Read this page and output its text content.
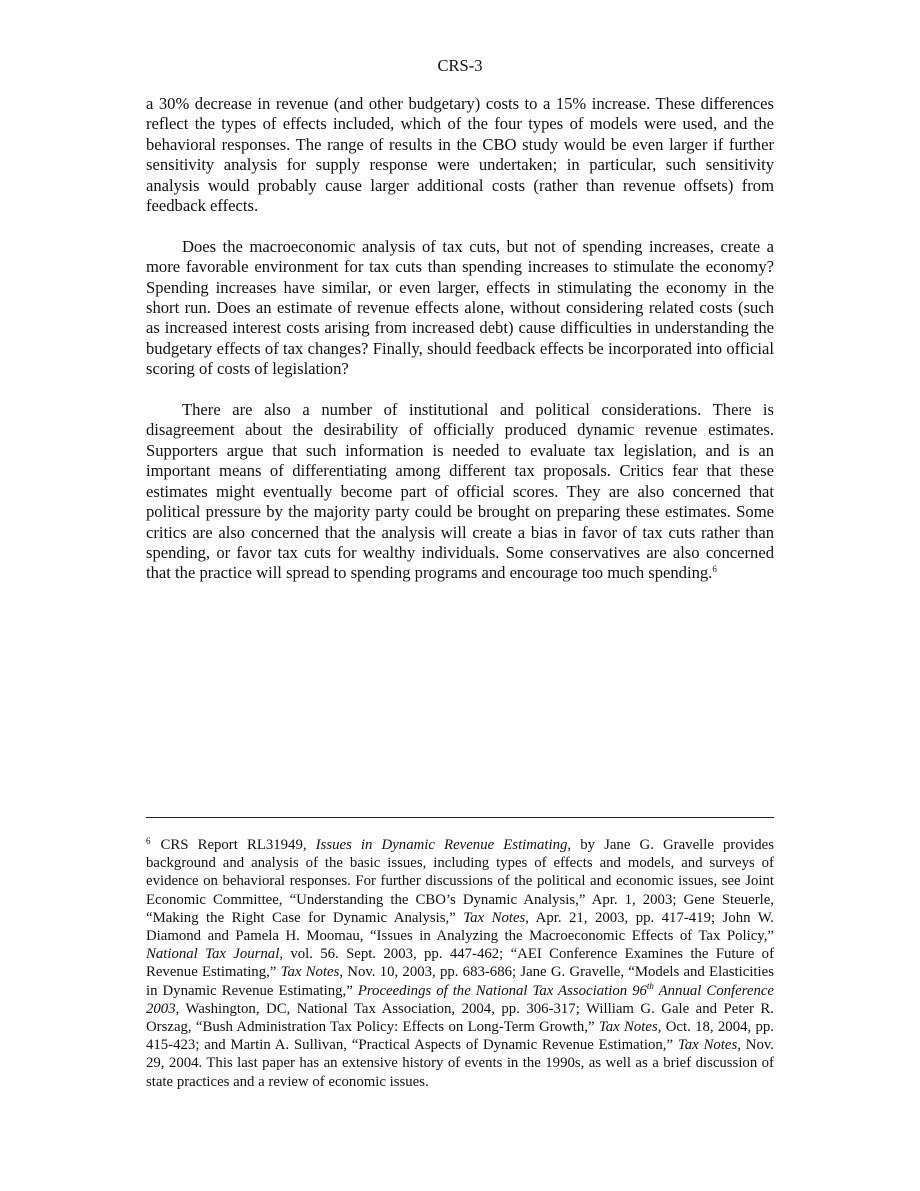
CRS-3

a 30% decrease in revenue (and other budgetary) costs to a 15% increase. These differences reflect the types of effects included, which of the four types of models were used, and the behavioral responses. The range of results in the CBO study would be even larger if further sensitivity analysis for supply response were undertaken; in particular, such sensitivity analysis would probably cause larger additional costs (rather than revenue offsets) from feedback effects.

Does the macroeconomic analysis of tax cuts, but not of spending increases, create a more favorable environment for tax cuts than spending increases to stimulate the economy? Spending increases have similar, or even larger, effects in stimulating the economy in the short run. Does an estimate of revenue effects alone, without considering related costs (such as increased interest costs arising from increased debt) cause difficulties in understanding the budgetary effects of tax changes? Finally, should feedback effects be incorporated into official scoring of costs of legislation?

There are also a number of institutional and political considerations. There is disagreement about the desirability of officially produced dynamic revenue estimates. Supporters argue that such information is needed to evaluate tax legislation, and is an important means of differentiating among different tax proposals. Critics fear that these estimates might eventually become part of official scores. They are also concerned that political pressure by the majority party could be brought on preparing these estimates. Some critics are also concerned that the analysis will create a bias in favor of tax cuts rather than spending, or favor tax cuts for wealthy individuals. Some conservatives are also concerned that the practice will spread to spending programs and encourage too much spending.$^6$

$^6$ CRS Report RL31949, Issues in Dynamic Revenue Estimating, by Jane G. Gravelle provides background and analysis of the basic issues, including types of effects and models, and surveys of evidence on behavioral responses. For further discussions of the political and economic issues, see Joint Economic Committee, “Understanding the CBO’s Dynamic Analysis,” Apr. 1, 2003; Gene Steuerle, “Making the Right Case for Dynamic Analysis,” Tax Notes, Apr. 21, 2003, pp. 417-419; John W. Diamond and Pamela H. Moomau, “Issues in Analyzing the Macroeconomic Effects of Tax Policy,” National Tax Journal, vol. 56. Sept. 2003, pp. 447-462; “AEI Conference Examines the Future of Revenue Estimating,” Tax Notes, Nov. 10, 2003, pp. 683-686; Jane G. Gravelle, “Models and Elasticities in Dynamic Revenue Estimating,” Proceedings of the National Tax Association 96th Annual Conference 2003, Washington, DC, National Tax Association, 2004, pp. 306-317; William G. Gale and Peter R. Orszag, “Bush Administration Tax Policy: Effects on Long-Term Growth,” Tax Notes, Oct. 18, 2004, pp. 415-423; and Martin A. Sullivan, “Practical Aspects of Dynamic Revenue Estimation,” Tax Notes, Nov. 29, 2004. This last paper has an extensive history of events in the 1990s, as well as a brief discussion of state practices and a review of economic issues.
